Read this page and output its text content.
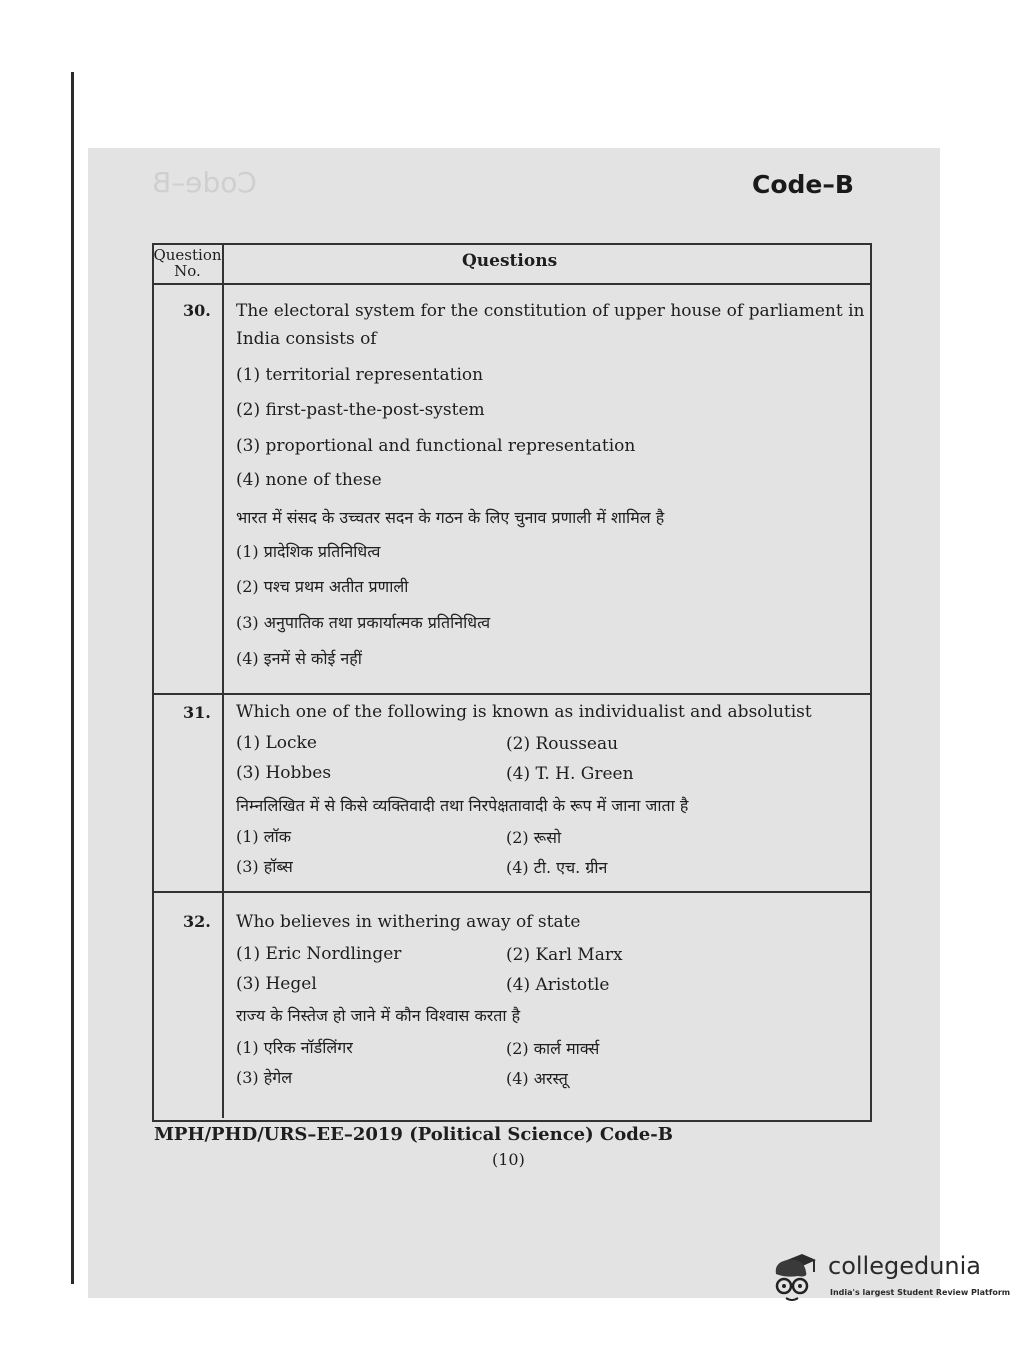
Code–B	Code–B
Question No.	Questions
30. The electoral system for the constitution of upper house of parliament in
India consists of
(1) territorial representation
(2) first-past-the-post-system
(3) proportional and functional representation
(4) none of these
भारत में संसद के उच्चतर सदन के गठन के लिए चुनाव प्रणाली में शामिल है
(1) प्रादेशिक प्रतिनिधित्व
(2) पश्च प्रथम अतीत प्रणाली
(3) अनुपातिक तथा प्रकार्यात्मक प्रतिनिधित्व
(4) इनमें से कोई नहीं
31. Which one of the following is known as individualist and absolutist
(1) Locke	(2) Rousseau
(3) Hobbes	(4) T. H. Green
निम्नलिखित में से किसे व्यक्तिवादी तथा निरपेक्षतावादी के रूप में जाना जाता है
(1) लॉक	(2) रूसो
(3) हॉब्स	(4) टी. एच. ग्रीन
32. Who believes in withering away of state
(1) Eric Nordlinger	(2) Karl Marx
(3) Hegel	(4) Aristotle
राज्य के निस्तेज हो जाने में कौन विश्वास करता है
(1) एरिक नॉर्डलिंगर	(2) कार्ल मार्क्स
(3) हेगेल	(4) अरस्तू
MPH/PHD/URS–EE–2019 (Political Science) Code-B
(10)
collegedunia
India's largest Student Review Platform
